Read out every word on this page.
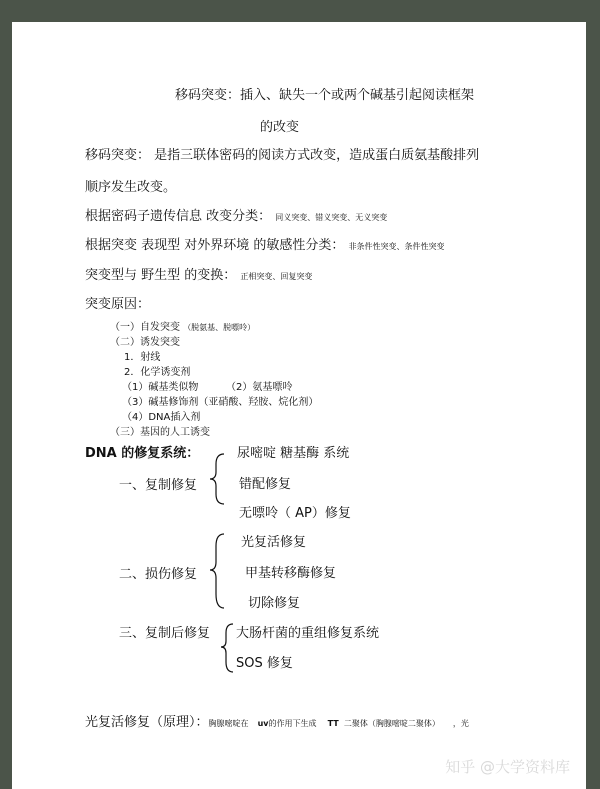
移码突变：插入、缺失一个或两个碱基引起阅读框架
的改变
移码突变： 是指三联体密码的阅读方式改变，造成蛋白质氨基酸排列
顺序发生改变。
根据密码子遗传信息 改变分类： 同义突变、错义突变、无义突变
根据突变 表现型 对外界环境 的敏感性分类： 非条件性突变、条件性突变
突变型与 野生型 的变换： 正相突变、回复突变
突变原因：
（一）自发突变 （脱氨基、脱嘌呤）
（二）诱发突变
1．射线
2．化学诱变剂
（1）碱基类似物	（2）氨基嘌呤
（3）碱基修饰剂（亚硝酸、羟胺、烷化剂）
（4）DNA插入剂
（三）基因的人工诱变
DNA 的修复系统：	尿嘧啶 糖基酶 系统
一、复制修复	错配修复
无嘌呤（ AP）修复
光复活修复
二、损伤修复	甲基转移酶修复
切除修复
三、复制后修复 大肠杆菌的重组修复系统
SOS 修复
光复活修复（原理）：胸腺嘧啶在 uv的作用下生成 TT 二聚体（胸腺嘧啶二聚体） ，光
知乎 @大学资料库
